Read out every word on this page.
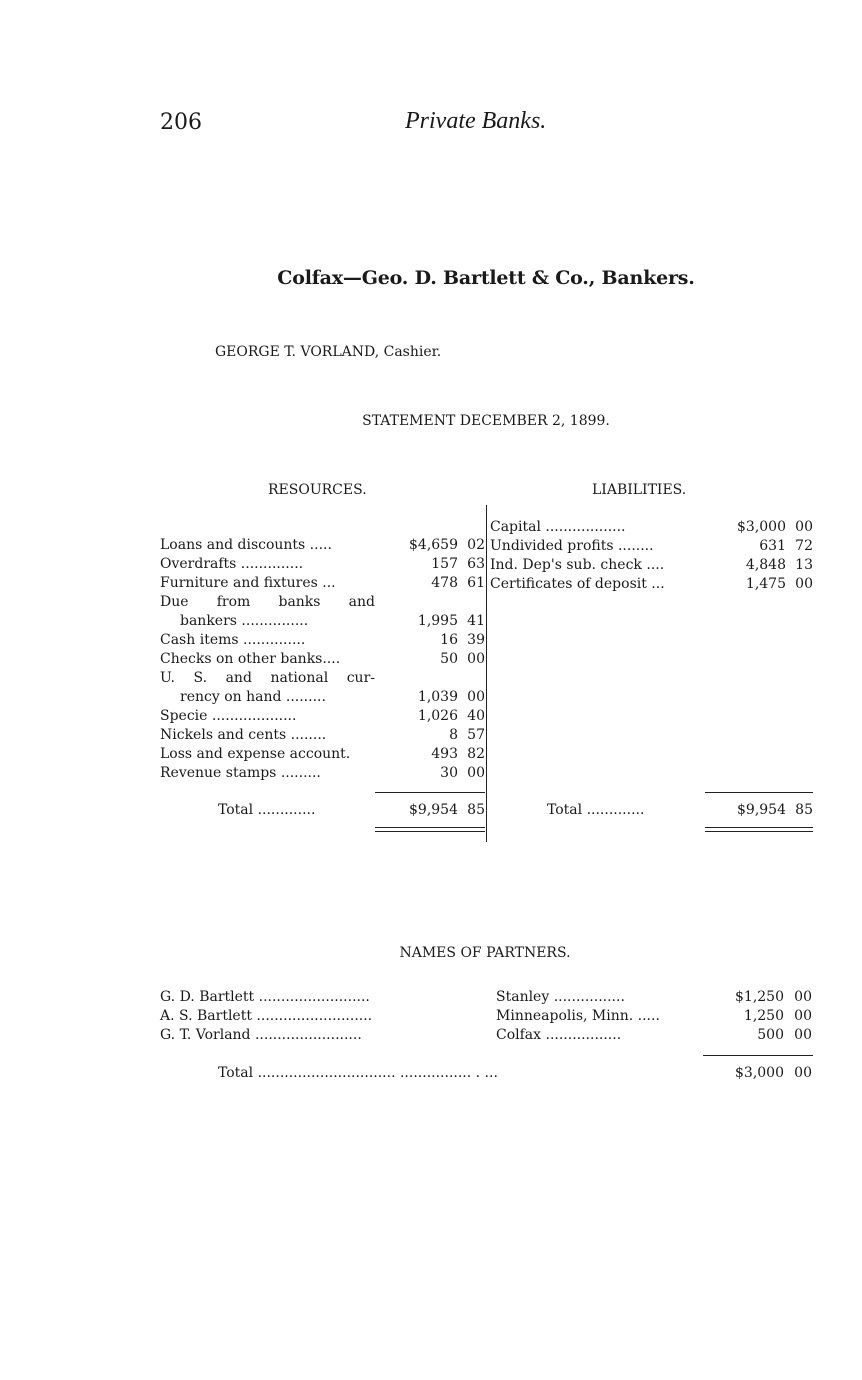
206	Private Banks.
Colfax—Geo. D. Bartlett & Co., Bankers.
GEORGE T. VORLAND, Cashier.
STATEMENT DECEMBER 2, 1899.
RESOURCES.	LIABILITIES.
Loans and discounts .....	$4,659 02
Overdrafts ..............	157 63
Furniture and fixtures ...	478 61
Due from banks and
bankers ...............	1,995 41
Cash items ..............	16 39
Checks on other banks....	50 00
U. S. and national cur-
rency on hand .........	1,039 00
Specie ...................	1,026 40
Nickels and cents ........	8 57
Loss and expense account.	493 82
Revenue stamps .........	30 00
Capital ..................	$3,000 00
Undivided profits ........	631 72
Ind. Dep's sub. check ....	4,848 13
Certificates of deposit ...	1,475 00
Total .............	$9,954 85	Total .............	$9,954 85
NAMES OF PARTNERS.
G. D. Bartlett .........................	Stanley ................	$1,250 00
A. S. Bartlett ..........................	Minneapolis, Minn. .....	1,250 00
G. T. Vorland ........................	Colfax .................	500 00
Total ............................... ................ . ...	$3,000 00
